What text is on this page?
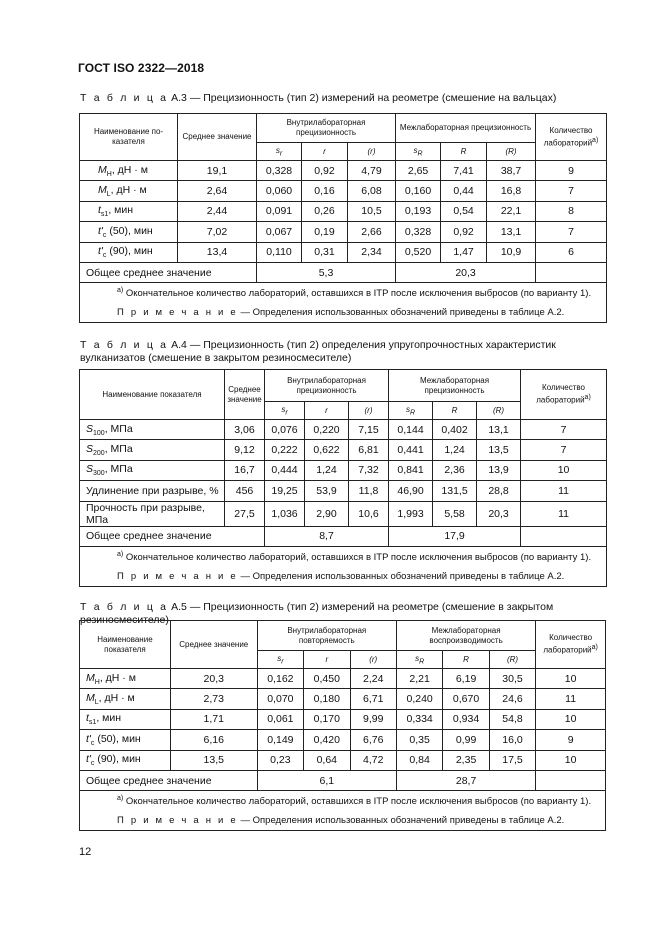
ГОСТ ISO 2322—2018
Т а б л и ц а А.3 — Прецизионность (тип 2) измерений на реометре (смешение на вальцах)
Наименование по-казателя	Среднее значение	Внутрилабораторная прецизионность			Межлабораторная прецизионность			Количество лабораторий$^{а)}$
		$s_r$	r	(r)	$s_R$	R	(R)	
$M_H$, дН · м	19,1	0,328	0,92	4,79	2,65	7,41	38,7	9
$M_L$, дН · м	2,64	0,060	0,16	6,08	0,160	0,44	16,8	7
$t_{s1}$, мин	2,44	0,091	0,26	10,5	0,193	0,54	22,1	8
$t'_c$ (50), мин	7,02	0,067	0,19	2,66	0,328	0,92	13,1	7
$t'_c$ (90), мин	13,4	0,110	0,31	2,34	0,520	1,47	10,9	6
Общее среднее значение		5,3			20,3			
$^{а)}$ Окончательное количество лабораторий, оставшихся в ITP после исключения выбросов (по варианту 1).								
П р и м е ч а н и е — Определения использованных обозначений приведены в таблице А.2.								
Т а б л и ц а А.4 — Прецизионность (тип 2) определения упругопрочностных характеристик вулканизатов (смешение в закрытом резиносмесителе)
Наименование показателя	Среднее значение	Внутрилабораторная прецизионность			Межлабораторная прецизионность			Количество лабораторий$^{а)}$
		$s_r$	r	(r)	$s_R$	R	(R)	
$S_{100}$, МПа	3,06	0,076	0,220	7,15	0,144	0,402	13,1	7
$S_{200}$, МПа	9,12	0,222	0,622	6,81	0,441	1,24	13,5	7
$S_{300}$, МПа	16,7	0,444	1,24	7,32	0,841	2,36	13,9	10
Удлинение при разрыве, %	456	19,25	53,9	11,8	46,90	131,5	28,8	11
Прочность при разрыве, МПа	27,5	1,036	2,90	10,6	1,993	5,58	20,3	11
Общее среднее значение		8,7			17,9			
$^{а)}$ Окончательное количество лабораторий, оставшихся в ITP после исключения выбросов (по варианту 1).								
П р и м е ч а н и е — Определения использованных обозначений приведены в таблице А.2.								
Т а б л и ц а А.5 — Прецизионность (тип 2) измерений на реометре (смешение в закрытом резиносмесителе)
Наименование показателя	Среднее значение	Внутрилабораторная повторяемость			Межлабораторная воспроизводимость			Количество лабораторий$^{а)}$
		$s_r$	r	(r)	$s_R$	R	(R)	
$M_H$, дН · м	20,3	0,162	0,450	2,24	2,21	6,19	30,5	10
$M_L$, дН · м	2,73	0,070	0,180	6,71	0,240	0,670	24,6	11
$t_{s1}$, мин	1,71	0,061	0,170	9,99	0,334	0,934	54,8	10
$t'_c$ (50), мин	6,16	0,149	0,420	6,76	0,35	0,99	16,0	9
$t'_c$ (90), мин	13,5	0,23	0,64	4,72	0,84	2,35	17,5	10
Общее среднее значение		6,1			28,7			
$^{а)}$ Окончательное количество лабораторий, оставшихся в ITP после исключения выбросов (по варианту 1).								
П р и м е ч а н и е — Определения использованных обозначений приведены в таблице А.2.								
12
